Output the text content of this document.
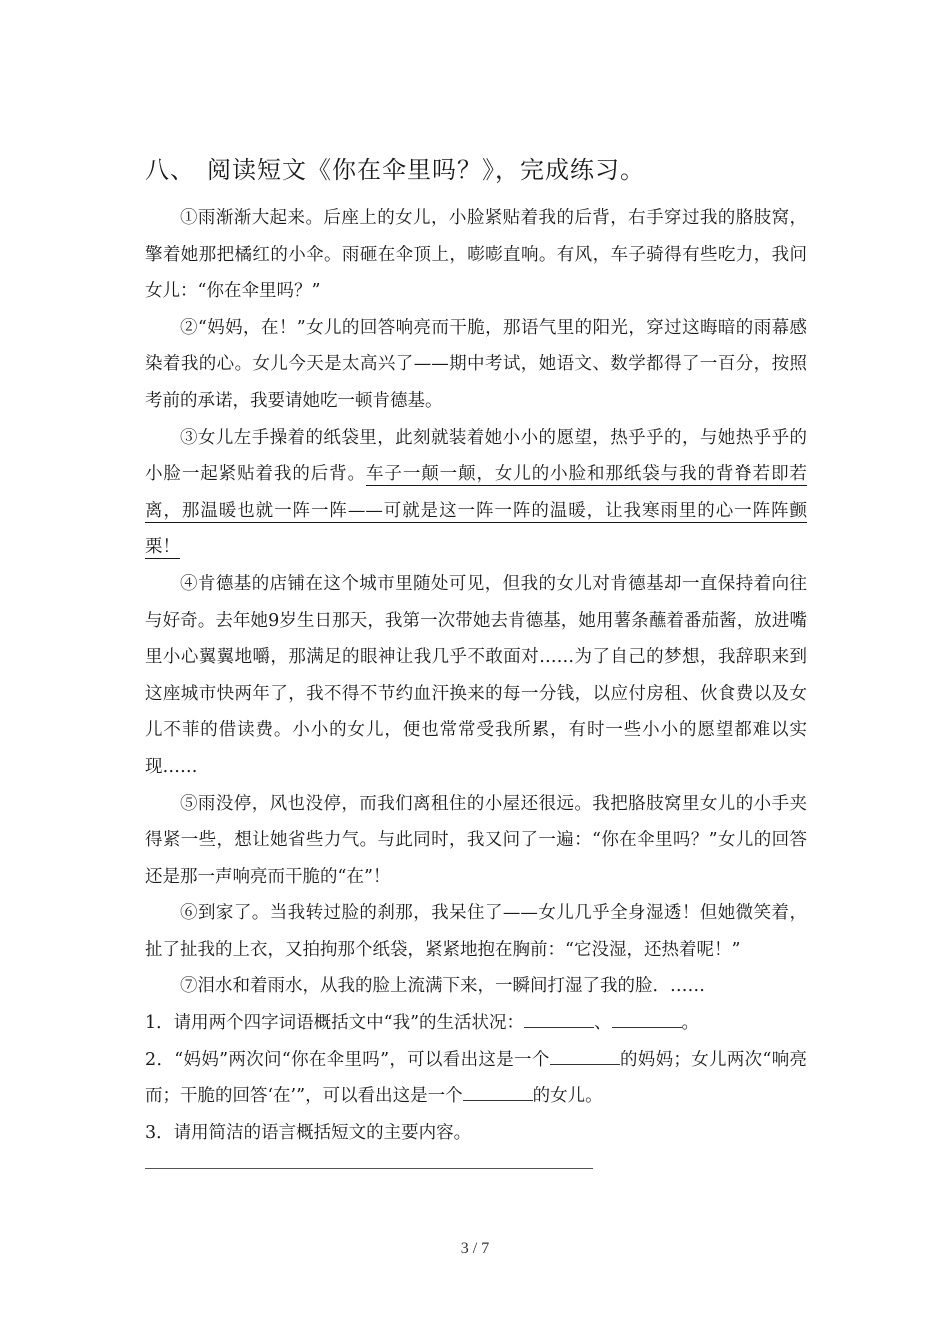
八、 阅读短文《你在伞里吗？》，完成练习。

①雨渐渐大起来。后座上的女儿，小脸紧贴着我的后背，右手穿过我的胳肢窝，擎着她那把橘红的小伞。雨砸在伞顶上，嘭嘭直响。有风，车子骑得有些吃力，我问女儿：“你在伞里吗？”

②“妈妈，在！”女儿的回答响亮而干脆，那语气里的阳光，穿过这晦暗的雨幕感染着我的心。女儿今天是太高兴了——期中考试，她语文、数学都得了一百分，按照考前的承诺，我要请她吃一顿肯德基。

③女儿左手操着的纸袋里，此刻就装着她小小的愿望，热乎乎的，与她热乎乎的小脸一起紧贴着我的后背。车子一颠一颠，女儿的小脸和那纸袋与我的背脊若即若离，那温暖也就一阵一阵——可就是这一阵一阵的温暖，让我寒雨里的心一阵阵颤栗！

④肯德基的店铺在这个城市里随处可见，但我的女儿对肯德基却一直保持着向往与好奇。去年她9岁生日那天，我第一次带她去肯德基，她用薯条蘸着番茄酱，放进嘴里小心翼翼地嚼，那满足的眼神让我几乎不敢面对……为了自己的梦想，我辞职来到这座城市快两年了，我不得不节约血汗换来的每一分钱，以应付房租、伙食费以及女儿不菲的借读费。小小的女儿，便也常常受我所累，有时一些小小的愿望都难以实现……

⑤雨没停，风也没停，而我们离租住的小屋还很远。我把胳肢窝里女儿的小手夹得紧一些，想让她省些力气。与此同时，我又问了一遍：“你在伞里吗？”女儿的回答还是那一声响亮而干脆的“在”！

⑥到家了。当我转过脸的刹那，我呆住了——女儿几乎全身湿透！但她微笑着，扯了扯我的上衣，又拍拘那个纸袋，紧紧地抱在胸前：“它没湿，还热着呢！”

⑦泪水和着雨水，从我的脸上流满下来，一瞬间打湿了我的脸．……

1．请用两个四字词语概括文中“我”的生活状况：	、	。

2．“妈妈”两次问“你在伞里吗”，可以看出这是一个	的妈妈；女儿两次“响亮而；干脆的回答‘在’”，可以看出这是一个	的女儿。

3．请用简洁的语言概括短文的主要内容。

3 / 7
